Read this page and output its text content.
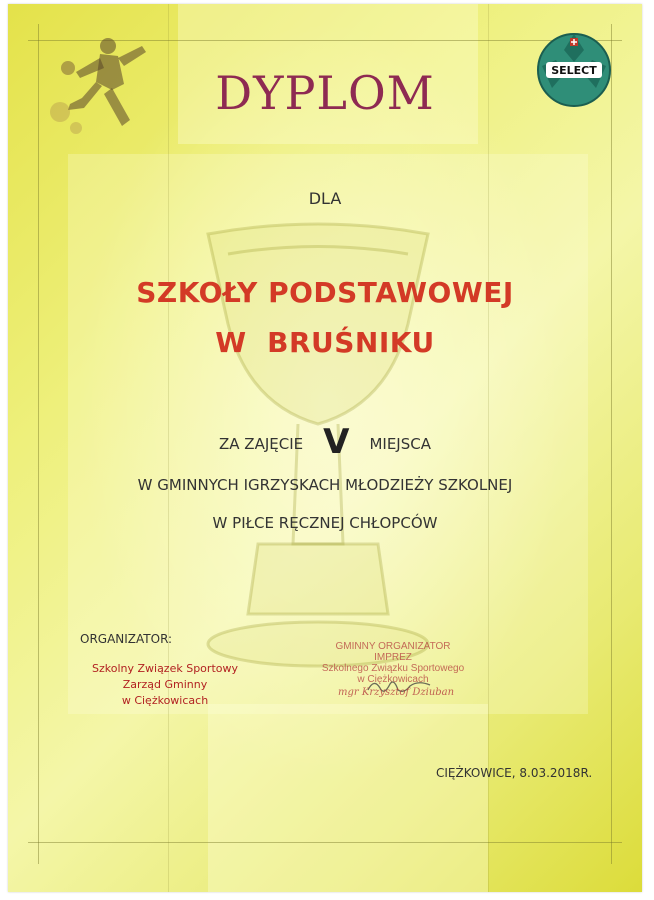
SELECT
DYPLOM
DLA
SZKOŁY PODSTAWOWEJ
W  BRUŚNIKU
ZA ZAJĘCIE V MIEJSCA
W GMINNYCH IGRZYSKACH MŁODZIEŻY SZKOLNEJ
W PIŁCE RĘCZNEJ CHŁOPCÓW
ORGANIZATOR:
Szkolny Związek Sportowy
Zarząd Gminny
w Ciężkowicach
GMINNY ORGANIZATOR IMPREZ
Szkolnego Związku Sportowego
w Ciężkowicach
mgr Krzysztof Dziuban
CIĘŻKOWICE, 8.03.2018R.
